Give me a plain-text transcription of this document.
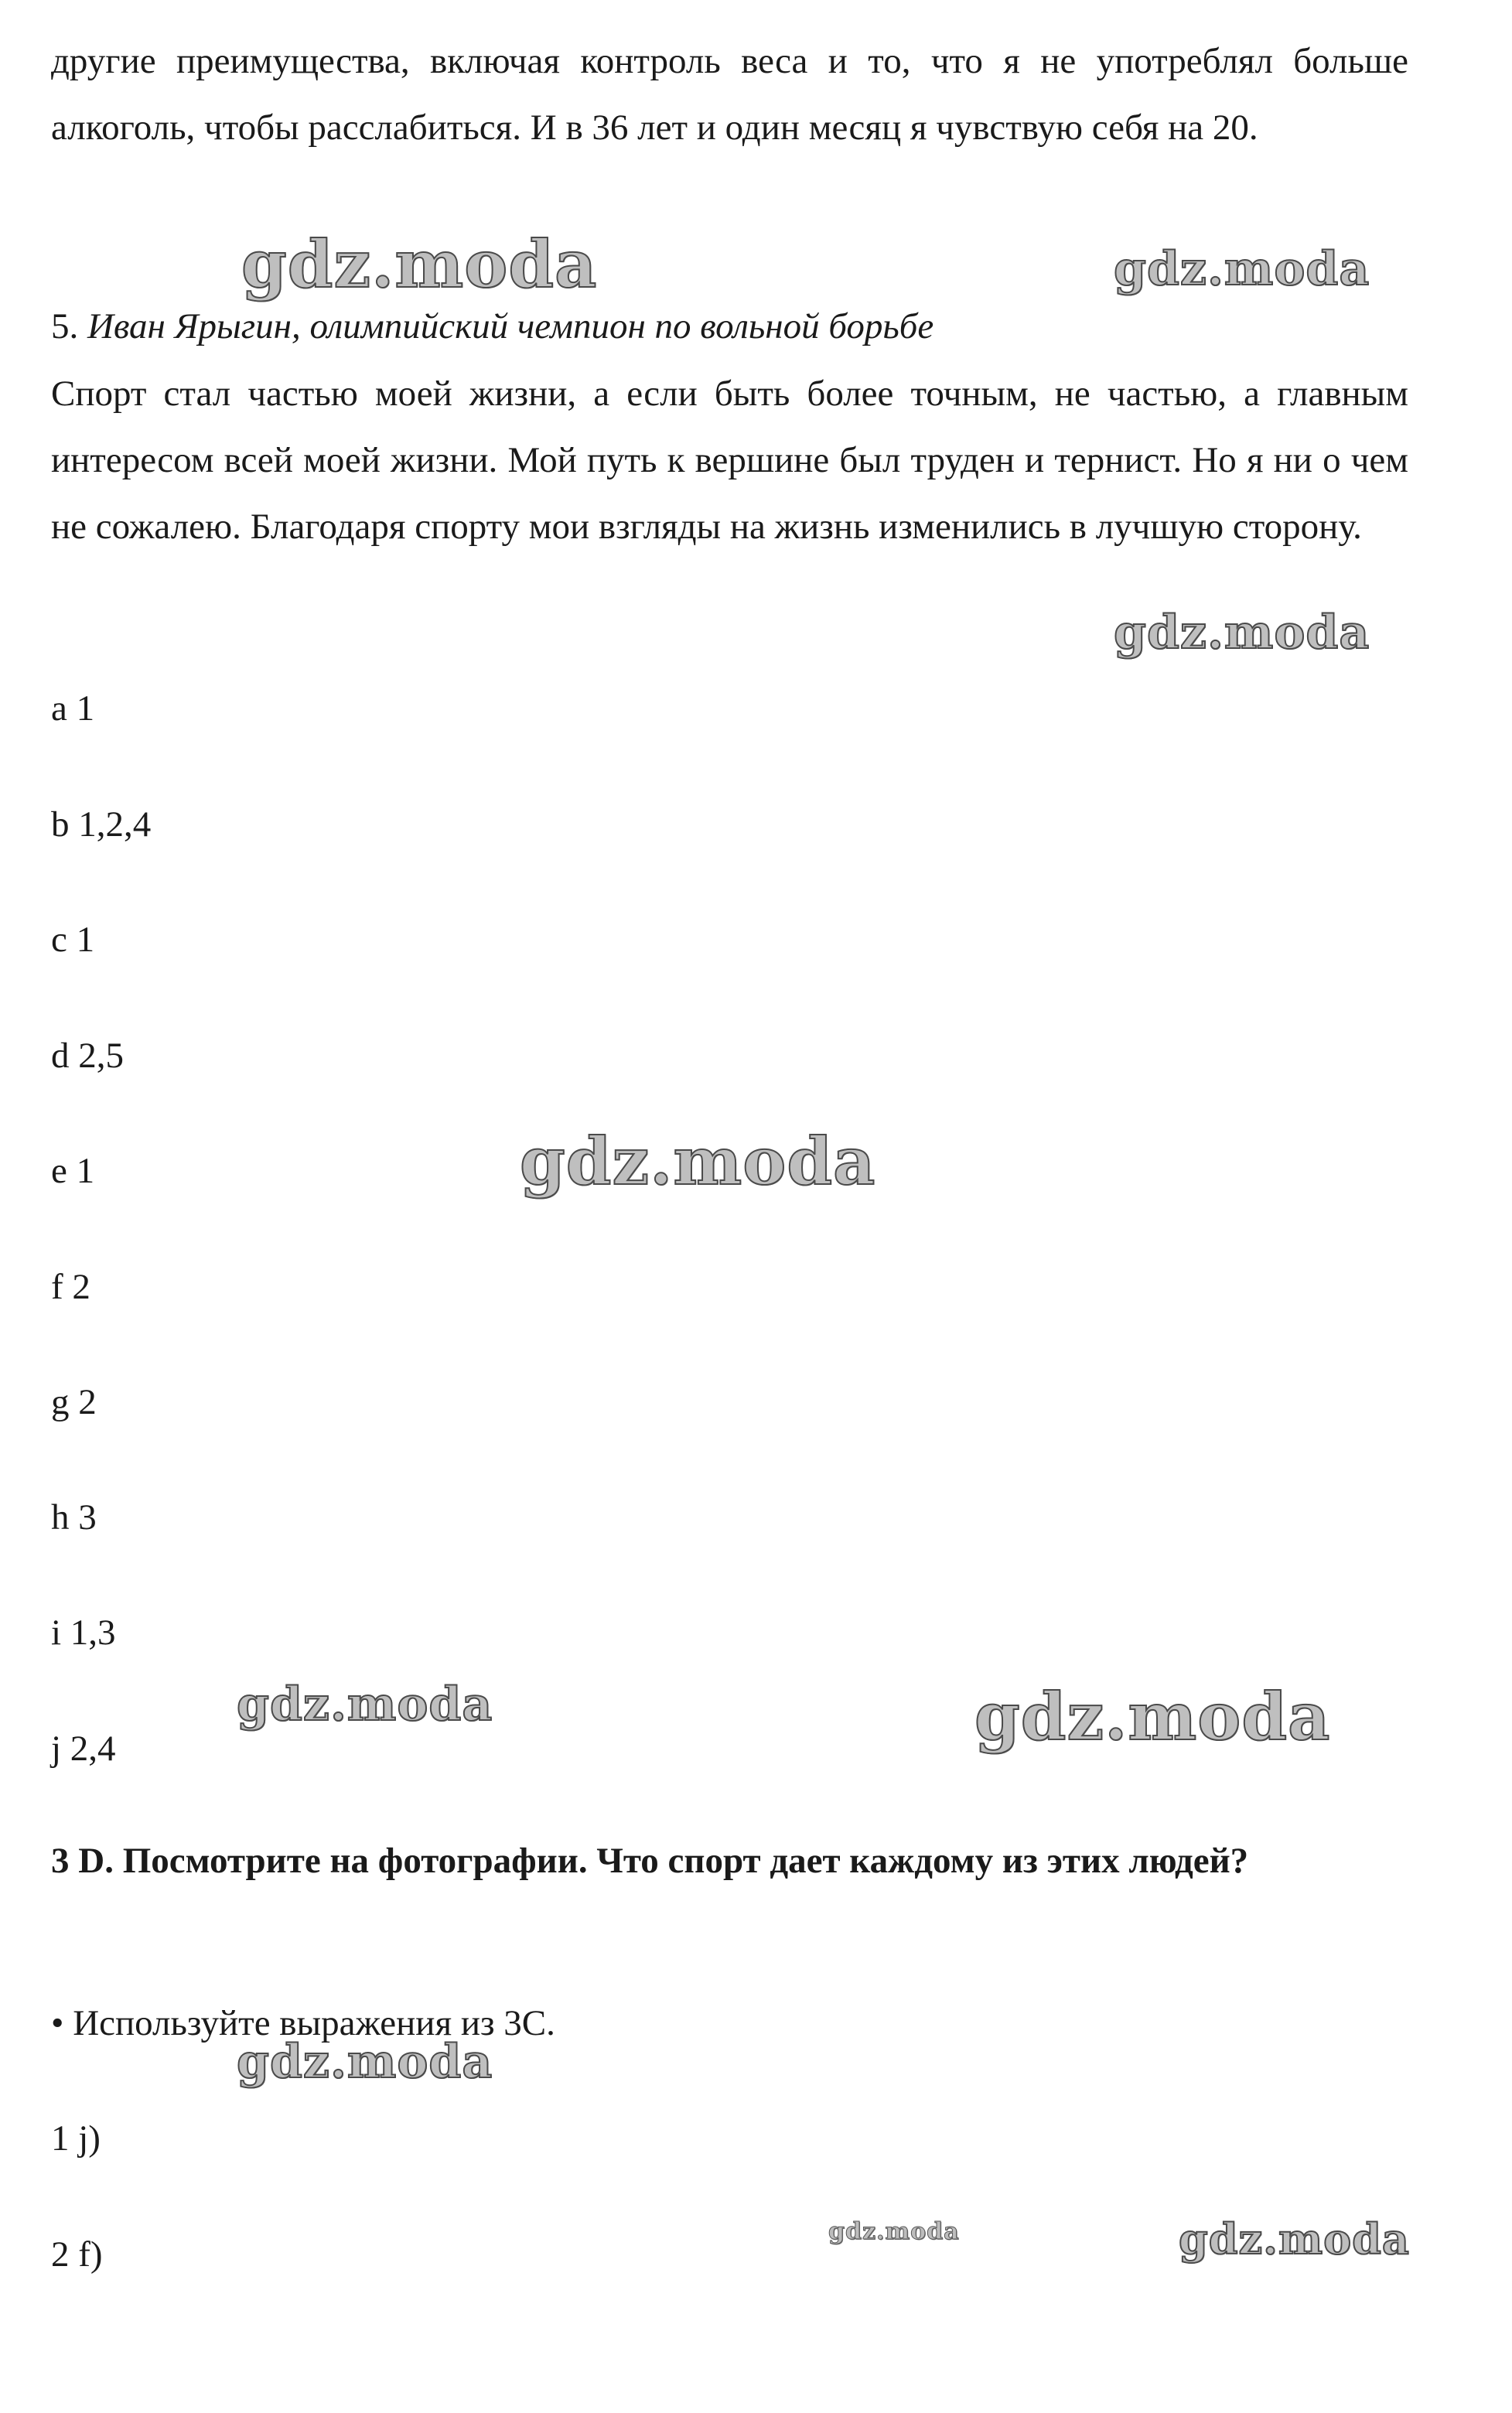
другие преимущества, включая контроль веса и то, что я не употреблял больше алкоголь, чтобы расслабиться. И в 36 лет и один месяц я чувствую себя на 20.

5. Иван Ярыгин, олимпийский чемпион по вольной борьбе

Спорт стал частью моей жизни, а если быть более точным, не частью, а главным интересом всей моей жизни. Мой путь к вершине был труден и тернист. Но я ни о чем не сожалею. Благодаря спорту мои взгляды на жизнь изменились в лучшую сторону.

a 1

b 1,2,4

c 1

d 2,5

e 1

f 2

g 2

h 3

i 1,3

j 2,4

3 D. Посмотрите на фотографии. Что спорт дает каждому из этих людей?

• Используйте выражения из 3С.

1 j)

2 f)

gdz.moda	gdz.moda
gdz.moda
gdz.moda
gdz.moda	gdz.moda
gdz.moda
gdz.moda	gdz.moda
